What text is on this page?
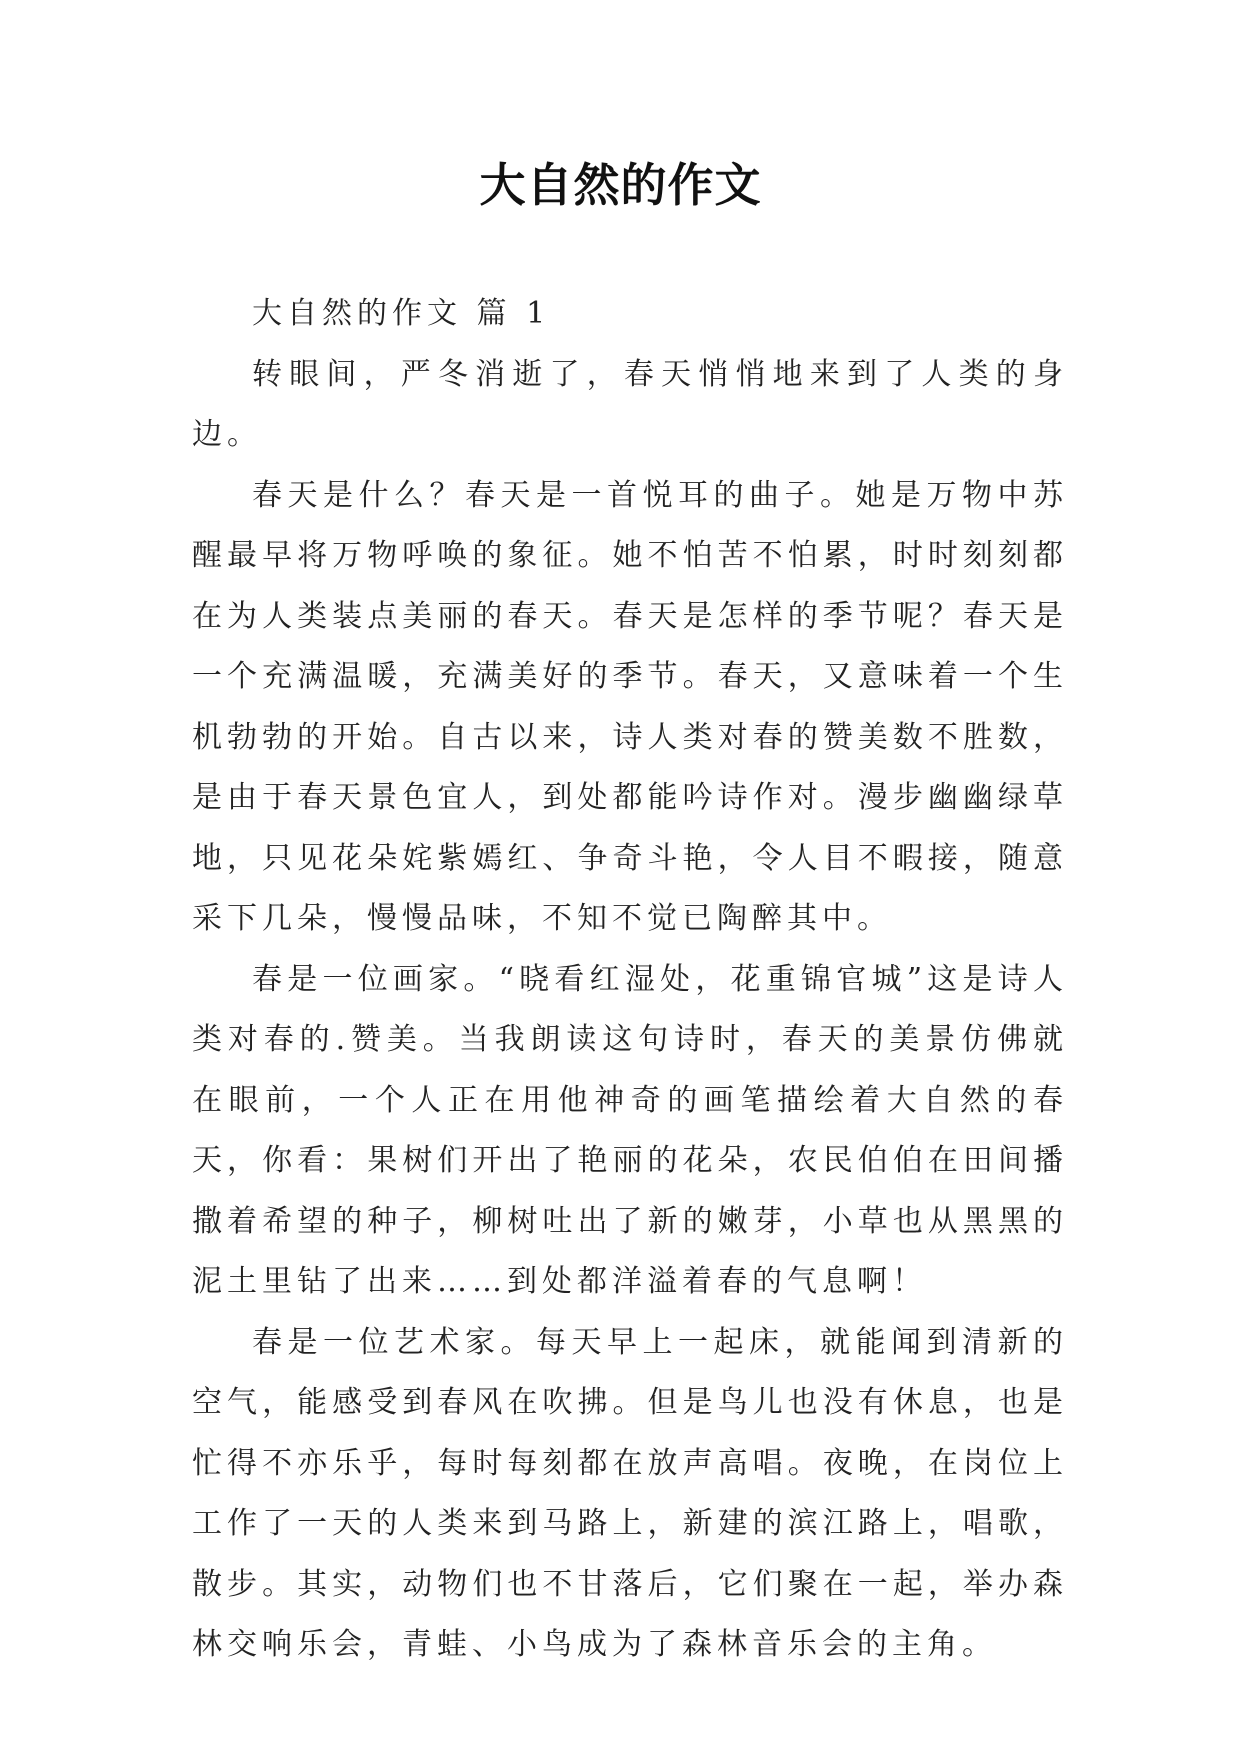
大自然的作文

大自然的作文 篇 1

转眼间，严冬消逝了，春天悄悄地来到了人类的身边。

春天是什么？春天是一首悦耳的曲子。她是万物中苏醒最早将万物呼唤的象征。她不怕苦不怕累，时时刻刻都在为人类装点美丽的春天。春天是怎样的季节呢？春天是一个充满温暖，充满美好的季节。春天，又意味着一个生机勃勃的开始。自古以来，诗人类对春的赞美数不胜数，是由于春天景色宜人，到处都能吟诗作对。漫步幽幽绿草地，只见花朵姹紫嫣红、争奇斗艳，令人目不暇接，随意采下几朵，慢慢品味，不知不觉已陶醉其中。

春是一位画家。“晓看红湿处，花重锦官城”这是诗人类对春的.赞美。当我朗读这句诗时，春天的美景仿佛就在眼前，一个人正在用他神奇的画笔描绘着大自然的春天，你看：果树们开出了艳丽的花朵，农民伯伯在田间播撒着希望的种子，柳树吐出了新的嫩芽，小草也从黑黑的泥土里钻了出来……到处都洋溢着春的气息啊！

春是一位艺术家。每天早上一起床，就能闻到清新的空气，能感受到春风在吹拂。但是鸟儿也没有休息，也是忙得不亦乐乎，每时每刻都在放声高唱。夜晚，在岗位上工作了一天的人类来到马路上，新建的滨江路上，唱歌，散步。其实，动物们也不甘落后，它们聚在一起，举办森林交响乐会，青蛙、小鸟成为了森林音乐会的主角。
